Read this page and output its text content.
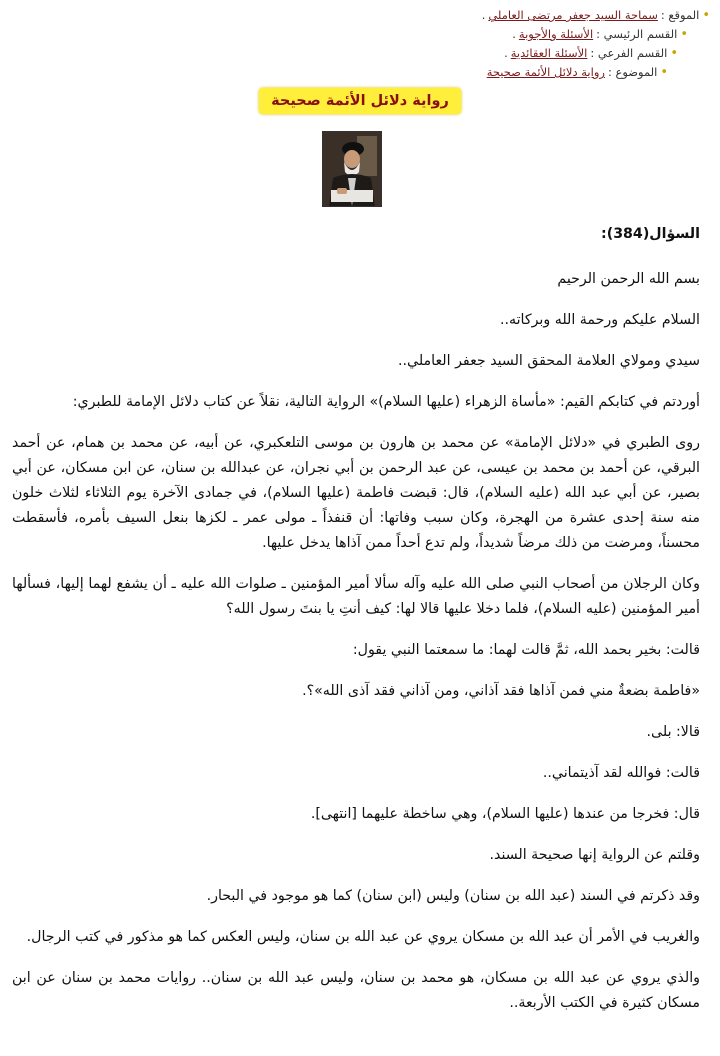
•
الموقع :
سماحة السيد جعفر مرتضى العاملي
.
•
القسم الرئيسي :
الأسئلة والأجوبة
.
•
القسم الفرعي :
الأسئلة العقائدية
.
•
الموضوع :
رواية دلائل الأئمة صحيحة
رواية دلائل الأئمة صحيحة

السؤال(384):

بسم الله الرحمن الرحيم

السلام عليكم ورحمة الله وبركاته..

سيدي ومولاي العلامة المحقق السيد جعفر العاملي..

أوردتم في كتابكم القيم: «مأساة الزهراء (عليها السلام)» الرواية التالية، نقلاً عن كتاب دلائل الإمامة للطبري:

روى الطبري في «دلائل الإمامة» عن محمد بن هارون بن موسى التلعكبري، عن أبيه، عن محمد بن همام، عن أحمد البرقي، عن أحمد بن محمد بن عيسى، عن عبد الرحمن بن أبي نجران، عن عبدالله بن سنان، عن ابن مسكان، عن أبي بصير، عن أبي عبد الله (عليه السلام)، قال: قبضت فاطمة (عليها السلام)، في جمادى الآخرة يوم الثلاثاء لثلاث خلون منه سنة إحدى عشرة من الهجرة، وكان سبب وفاتها: أن قنفذاً ـ مولى عمر ـ لكزها بنعل السيف بأمره، فأسقطت محسناً، ومرضت من ذلك مرضاً شديداً، ولم تدع أحداً ممن آذاها يدخل عليها.

وكان الرجلان من أصحاب النبي صلى الله عليه وآله سألا أمير المؤمنين ـ صلوات الله عليه ـ أن يشفع لهما إليها، فسألها أمير المؤمنين (عليه السلام)، فلما دخلا عليها قالا لها: كيف أنتِ يا بنتَ رسول الله؟

قالت: بخير بحمد الله، ثمَّ قالت لهما: ما سمعتما النبي يقول:

«فاطمة بضعةٌ مني فمن آذاها فقد آذاني، ومن آذاني فقد آذى الله»؟.

قالا: بلى.

قالت: فوالله لقد آذيتماني..

قال: فخرجا من عندها (عليها السلام)، وهي ساخطة عليهما [انتهى].

وقلتم عن الرواية إنها صحيحة السند.

وقد ذكرتم في السند (عبد الله بن سنان) وليس (ابن سنان) كما هو موجود في البحار.

والغريب في الأمر أن عبد الله بن مسكان يروي عن عبد الله بن سنان، وليس العكس كما هو مذكور في كتب الرجال.

والذي يروي عن عبد الله بن مسكان، هو محمد بن سنان، وليس عبد الله بن سنان.. روايات محمد بن سنان عن ابن مسكان كثيرة في الكتب الأربعة..
